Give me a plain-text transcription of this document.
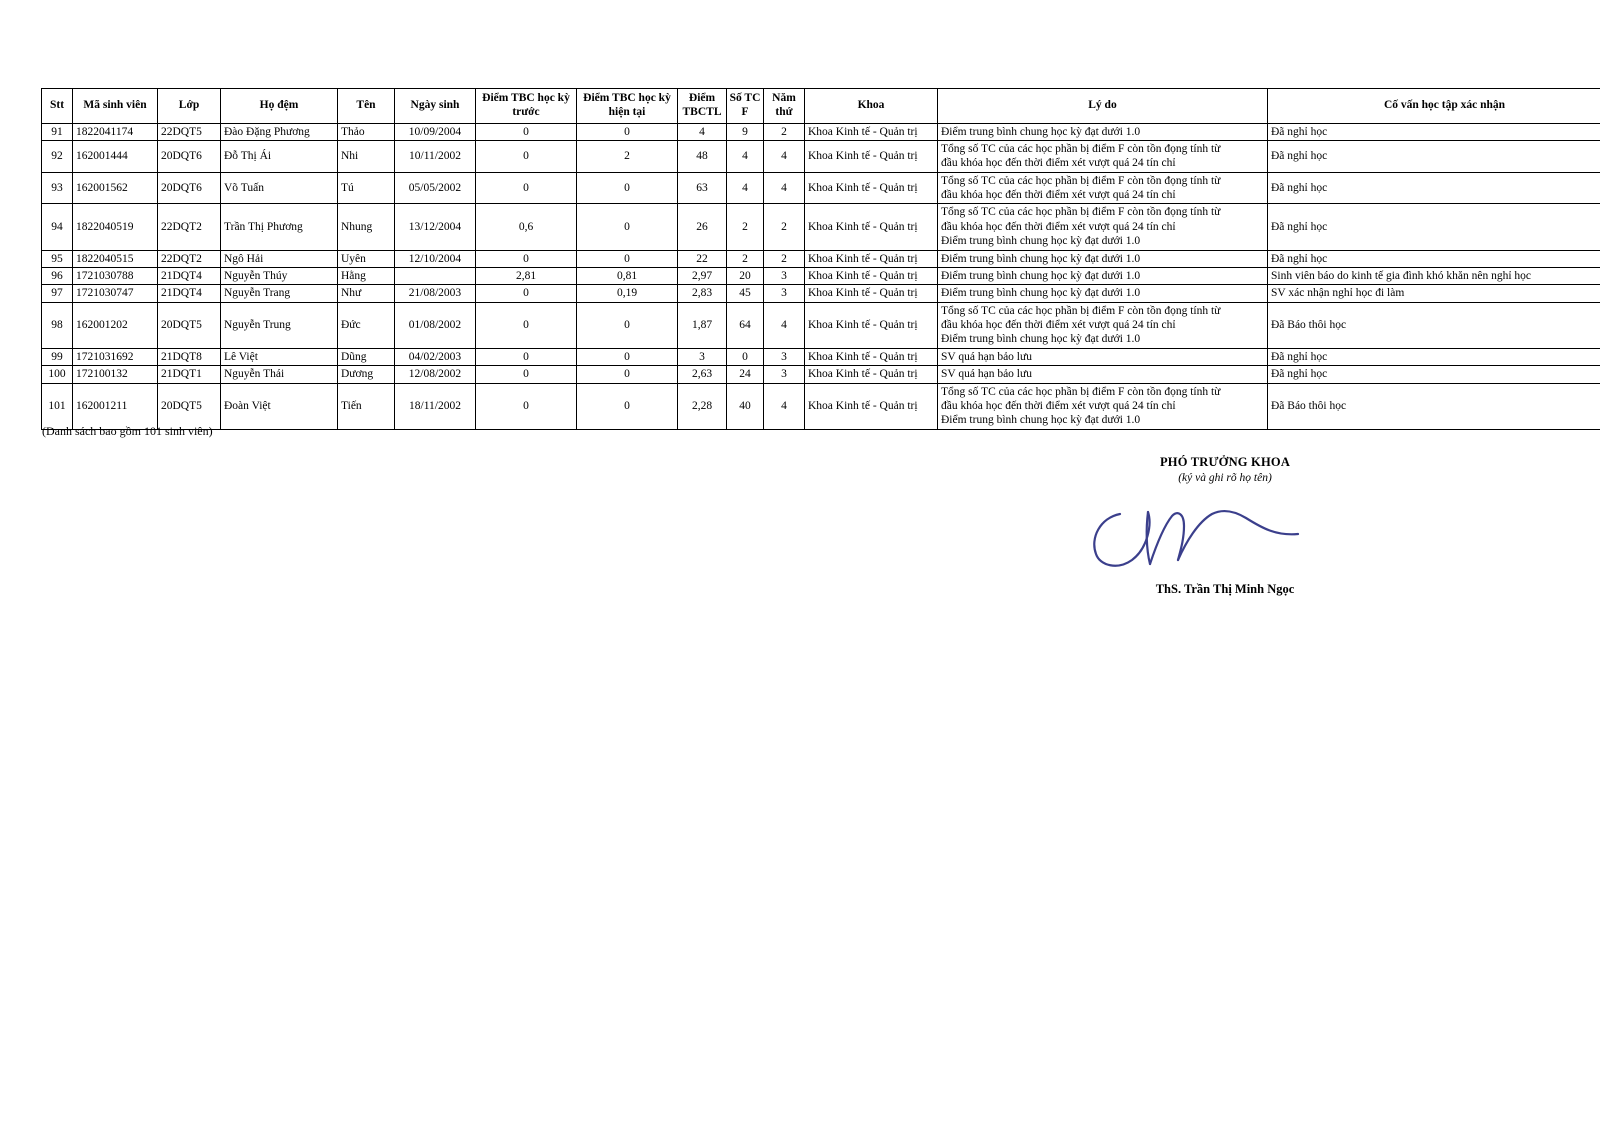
Stt	Mã sinh viên	Lớp	Họ đệm	Tên	Ngày sinh	Điểm TBC học kỳ trước	Điểm TBC học kỳ hiện tại	Điểm TBCTL	Số TC F	Năm thứ	Khoa	Lý do	Cố vấn học tập xác nhận
91	1822041174	22DQT5	Đào Đặng Phương	Thảo	10/09/2004	0	0	4	9	2	Khoa Kinh tế - Quản trị	Điểm trung bình chung học kỳ đạt dưới 1.0	Đã nghỉ học
92	162001444	20DQT6	Đỗ Thị Ái	Nhi	10/11/2002	0	2	48	4	4	Khoa Kinh tế - Quản trị	Tổng số TC của các học phần bị điểm F còn tồn đọng tính từ
đầu khóa học đến thời điểm xét vượt quá 24 tín chỉ	Đã nghỉ học
93	162001562	20DQT6	Võ Tuấn	Tú	05/05/2002	0	0	63	4	4	Khoa Kinh tế - Quản trị	Tổng số TC của các học phần bị điểm F còn tồn đọng tính từ
đầu khóa học đến thời điểm xét vượt quá 24 tín chỉ	Đã nghỉ học
94	1822040519	22DQT2	Trần Thị Phương	Nhung	13/12/2004	0,6	0	26	2	2	Khoa Kinh tế - Quản trị	Tổng số TC của các học phần bị điểm F còn tồn đọng tính từ
đầu khóa học đến thời điểm xét vượt quá 24 tín chỉ
Điểm trung bình chung học kỳ đạt dưới 1.0	Đã nghỉ học
95	1822040515	22DQT2	Ngô Hải	Uyên	12/10/2004	0	0	22	2	2	Khoa Kinh tế - Quản trị	Điểm trung bình chung học kỳ đạt dưới 1.0	Đã nghỉ học
96	1721030788	21DQT4	Nguyễn Thúy	Hằng		2,81	0,81	2,97	20	3	Khoa Kinh tế - Quản trị	Điểm trung bình chung học kỳ đạt dưới 1.0	Sinh viên báo do kinh tế gia đình khó khăn nên nghỉ học
97	1721030747	21DQT4	Nguyễn Trang	Như	21/08/2003	0	0,19	2,83	45	3	Khoa Kinh tế - Quản trị	Điểm trung bình chung học kỳ đạt dưới 1.0	SV xác nhận nghỉ học đi làm
98	162001202	20DQT5	Nguyễn Trung	Đức	01/08/2002	0	0	1,87	64	4	Khoa Kinh tế - Quản trị	Tổng số TC của các học phần bị điểm F còn tồn đọng tính từ
đầu khóa học đến thời điểm xét vượt quá 24 tín chỉ
Điểm trung bình chung học kỳ đạt dưới 1.0	Đã Báo thôi học
99	1721031692	21DQT8	Lê Việt	Dũng	04/02/2003	0	0	3	0	3	Khoa Kinh tế - Quản trị	SV quá hạn bảo lưu	Đã nghỉ học
100	172100132	21DQT1	Nguyễn Thái	Dương	12/08/2002	0	0	2,63	24	3	Khoa Kinh tế - Quản trị	SV quá hạn bảo lưu	Đã nghỉ học
101	162001211	20DQT5	Đoàn Việt	Tiến	18/11/2002	0	0	2,28	40	4	Khoa Kinh tế - Quản trị	Tổng số TC của các học phần bị điểm F còn tồn đọng tính từ
đầu khóa học đến thời điểm xét vượt quá 24 tín chỉ
Điểm trung bình chung học kỳ đạt dưới 1.0	Đã Báo thôi học
(Danh sách bao gồm 101 sinh viên)
PHÓ TRƯỞNG KHOA
(ký và ghi rõ họ tên)
ThS. Trần Thị Minh Ngọc
